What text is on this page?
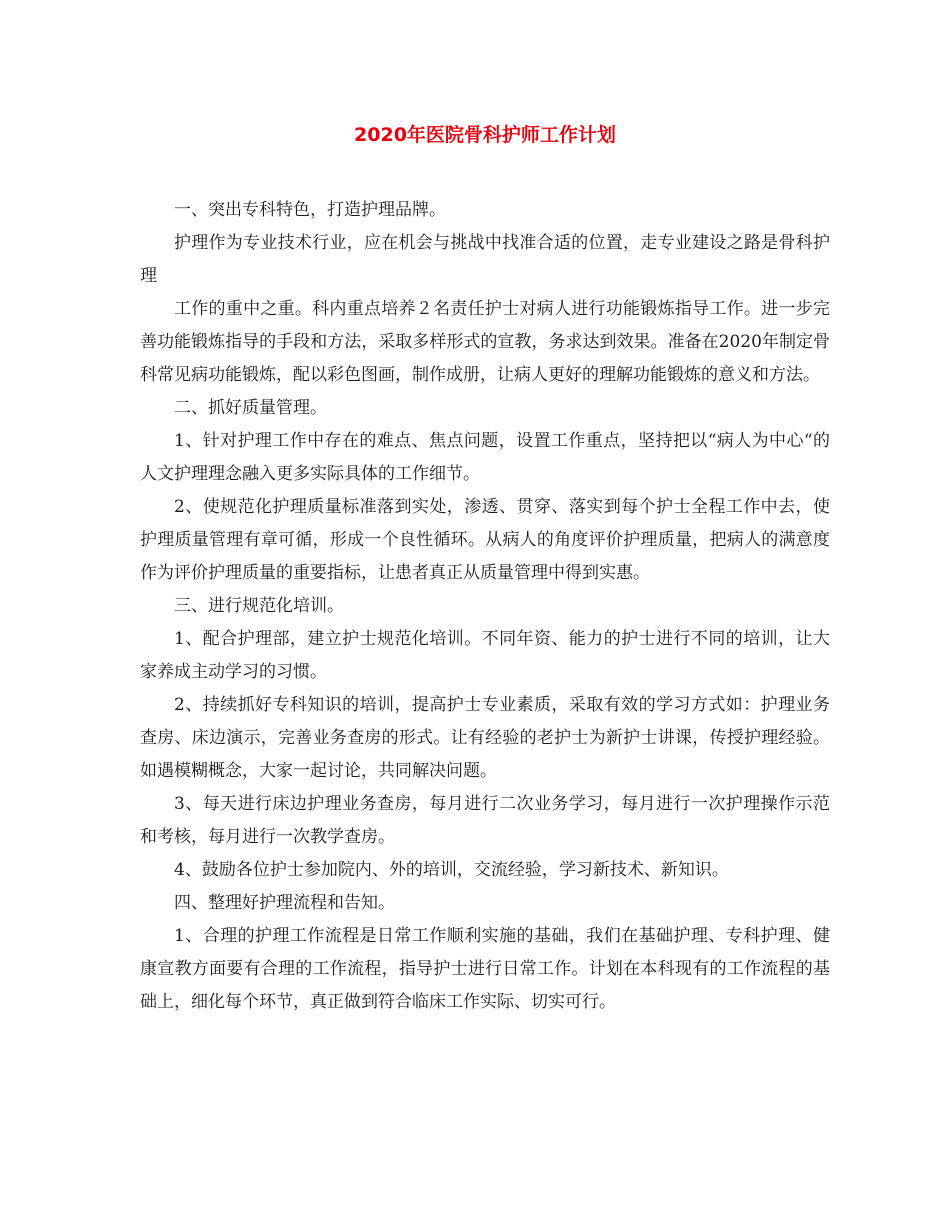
2020年医院骨科护师工作计划

一、突出专科特色，打造护理品牌。

护理作为专业技术行业，应在机会与挑战中找准合适的位置，走专业建设之路是骨科护理

工作的重中之重。科内重点培养２名责任护士对病人进行功能锻炼指导工作。进一步完善功能锻炼指导的手段和方法，采取多样形式的宣教，务求达到效果。准备在2020年制定骨科常见病功能锻炼，配以彩色图画，制作成册，让病人更好的理解功能锻炼的意义和方法。

二、抓好质量管理。

1、针对护理工作中存在的难点、焦点问题，设置工作重点，坚持把以“病人为中心“的人文护理理念融入更多实际具体的工作细节。

2、使规范化护理质量标准落到实处，渗透、贯穿、落实到每个护士全程工作中去，使护理质量管理有章可循，形成一个良性循环。从病人的角度评价护理质量，把病人的满意度作为评价护理质量的重要指标，让患者真正从质量管理中得到实惠。

三、进行规范化培训。

1、配合护理部，建立护士规范化培训。不同年资、能力的护士进行不同的培训，让大家养成主动学习的习惯。

2、持续抓好专科知识的培训，提高护士专业素质，采取有效的学习方式如：护理业务查房、床边演示，完善业务查房的形式。让有经验的老护士为新护士讲课，传授护理经验。如遇模糊概念，大家一起讨论，共同解决问题。

3、每天进行床边护理业务查房，每月进行二次业务学习，每月进行一次护理操作示范和考核，每月进行一次教学查房。

4、鼓励各位护士参加院内、外的培训，交流经验，学习新技术、新知识。

四、整理好护理流程和告知。

1、合理的护理工作流程是日常工作顺利实施的基础，我们在基础护理、专科护理、健康宣教方面要有合理的工作流程，指导护士进行日常工作。计划在本科现有的工作流程的基础上，细化每个环节，真正做到符合临床工作实际、切实可行。
